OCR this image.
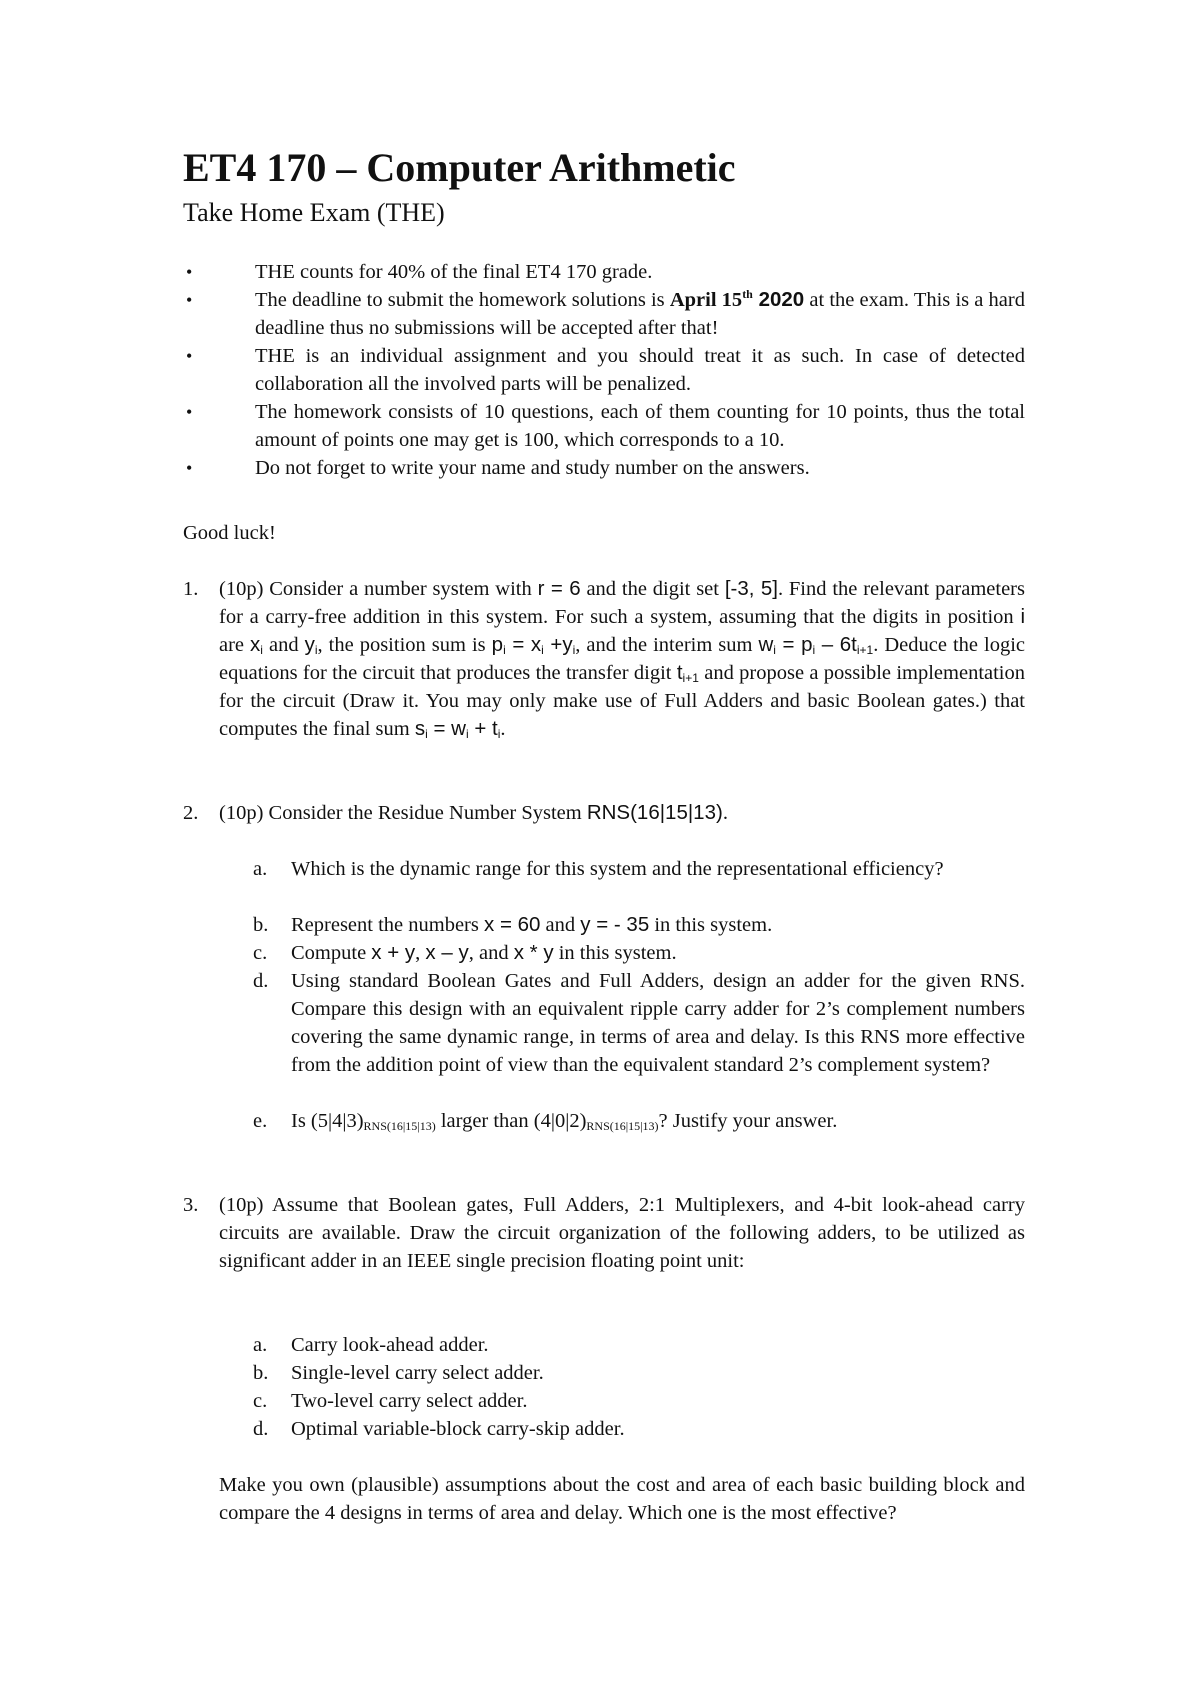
ET4 170 – Computer Arithmetic
Take Home Exam (THE)
•
•
•
•
•

THE counts for 40% of the final ET4 170 grade.

The deadline to submit the homework solutions is April 15th 2020 at the exam. This is a hard deadline thus no submissions will be accepted after that!

THE is an individual assignment and you should treat it as such. In case of detected collaboration all the involved parts will be penalized.

The homework consists of 10 questions, each of them counting for 10 points, thus the total amount of points one may get is 100, which corresponds to a 10.

Do not forget to write your name and study number on the answers.

Good luck!
1. (10p) Consider a number system with r = 6 and the digit set [-3, 5]. Find the relevant parameters for a carry-free addition in this system. For such a system, assuming that the digits in position i are $x_i$ and $y_i$, the position sum is $p_i = x_i +y_i$, and the interim sum $w_i = p_i - 6t_{i+1}$. Deduce the logic equations for the circuit that produces the transfer digit $t_{i+1}$ and propose a possible implementation for the circuit (Draw it. You may only make use of Full Adders and basic Boolean gates.) that computes the final sum $s_i = w_i + t_i$.

2. (10p) Consider the Residue Number System RNS(16|15|13).

a. Which is the dynamic range for this system and the representational efficiency?

b. Represent the numbers x = 60 and y = - 35 in this system.

c. Compute x + y, x – y, and x * y in this system.

d. Using standard Boolean Gates and Full Adders, design an adder for the given RNS. Compare this design with an equivalent ripple carry adder for 2’s complement numbers covering the same dynamic range, in terms of area and delay. Is this RNS more effective from the addition point of view than the equivalent standard 2’s complement system?

e. Is (5|4|3)RNS(16|15|13) larger than (4|0|2)RNS(16|15|13)? Justify your answer.

3. (10p) Assume that Boolean gates, Full Adders, 2:1 Multiplexers, and 4-bit look-ahead carry circuits are available. Draw the circuit organization of the following adders, to be utilized as significant adder in an IEEE single precision floating point unit:
a. Carry look-ahead adder.
b. Single-level carry select adder.
c. Two-level carry select adder.
d. Optimal variable-block carry-skip adder.
Make you own (plausible) assumptions about the cost and area of each basic building block and compare the 4 designs in terms of area and delay. Which one is the most effective?
